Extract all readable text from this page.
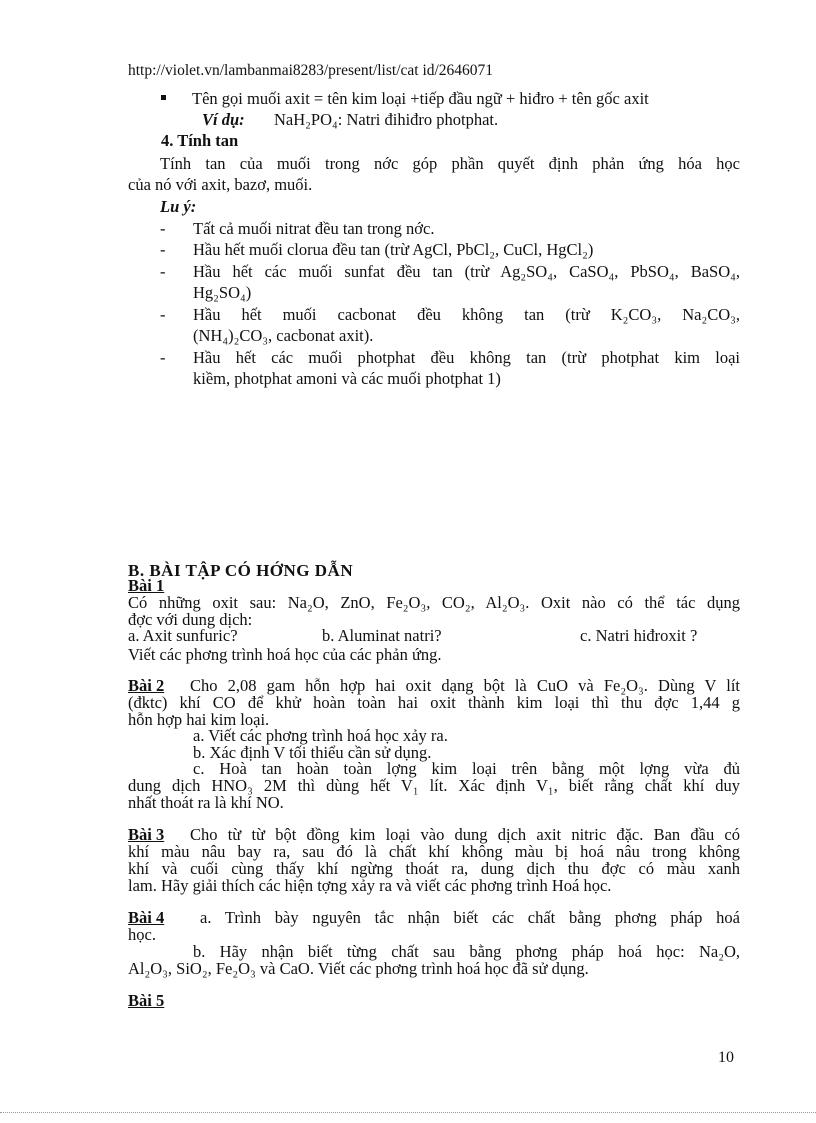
http://violet.vn/lambanmai8283/present/list/cat id/2646071
Tên gọi muối axit = tên kim loại +tiếp đầu ngữ + hiđro + tên gốc axit
Ví dụ: NaH₂PO₄: Natri đihiđro photphat.
4. Tính tan
Tính tan của muối trong nớc góp phần quyết định phản ứng hóa học
của nó với axit, bazơ, muối.
Lu ý:
- Tất cả muối nitrat đều tan trong nớc.
- Hầu hết muối clorua đều tan (trừ AgCl, PbCl₂, CuCl, HgCl₂)
- Hầu hết các muối sunfat đều tan (trừ Ag₂SO₄, CaSO₄, PbSO₄, BaSO₄,
Hg₂SO₄)
- Hầu hết muối cacbonat đều không tan (trừ K₂CO₃, Na₂CO₃,
(NH₄)₂CO₃, cacbonat axit).
- Hầu hết các muối photphat đều không tan (trừ photphat kim loại
kiềm, photphat amoni và các muối photphat 1)
B. BÀI TẬP CÓ HỚNG DẪN
Bài 1
Có những oxit sau: Na₂O, ZnO, Fe₂O₃, CO₂, Al₂O₃. Oxit nào có thể tác dụng
đợc với dung dịch:
a. Axit sunfuric?	b. Aluminat natri?	c. Natri hiđroxit ?
Viết các phơng trình hoá học của các phản ứng.
Bài 2 Cho 2,08 gam hỗn hợp hai oxit dạng bột là CuO và Fe₂O₃. Dùng V lít
(đktc) khí CO để khử hoàn toàn hai oxit thành kim loại thì thu đợc 1,44 g
hỗn hợp hai kim loại.
a. Viết các phơng trình hoá học xảy ra.
b. Xác định V tối thiểu cần sử dụng.
c. Hoà tan hoàn toàn lợng kim loại trên bằng một lợng vừa đủ
dung dịch HNO₃ 2M thì dùng hết V₁ lít. Xác định V₁, biết rằng chất khí duy
nhất thoát ra là khí NO.
Bài 3 Cho từ từ bột đồng kim loại vào dung dịch axit nitric đặc. Ban đầu có
khí màu nâu bay ra, sau đó là chất khí không màu bị hoá nâu trong không
khí và cuối cùng thấy khí ngừng thoát ra, dung dịch thu đợc có màu xanh
lam. Hãy giải thích các hiện tợng xảy ra và viết các phơng trình Hoá học.
Bài 4 a. Trình bày nguyên tắc nhận biết các chất bằng phơng pháp hoá
học.
b. Hãy nhận biết từng chất sau bằng phơng pháp hoá học: Na₂O,
Al₂O₃, SiO₂, Fe₂O₃ và CaO. Viết các phơng trình hoá học đã sử dụng.
Bài 5
10
